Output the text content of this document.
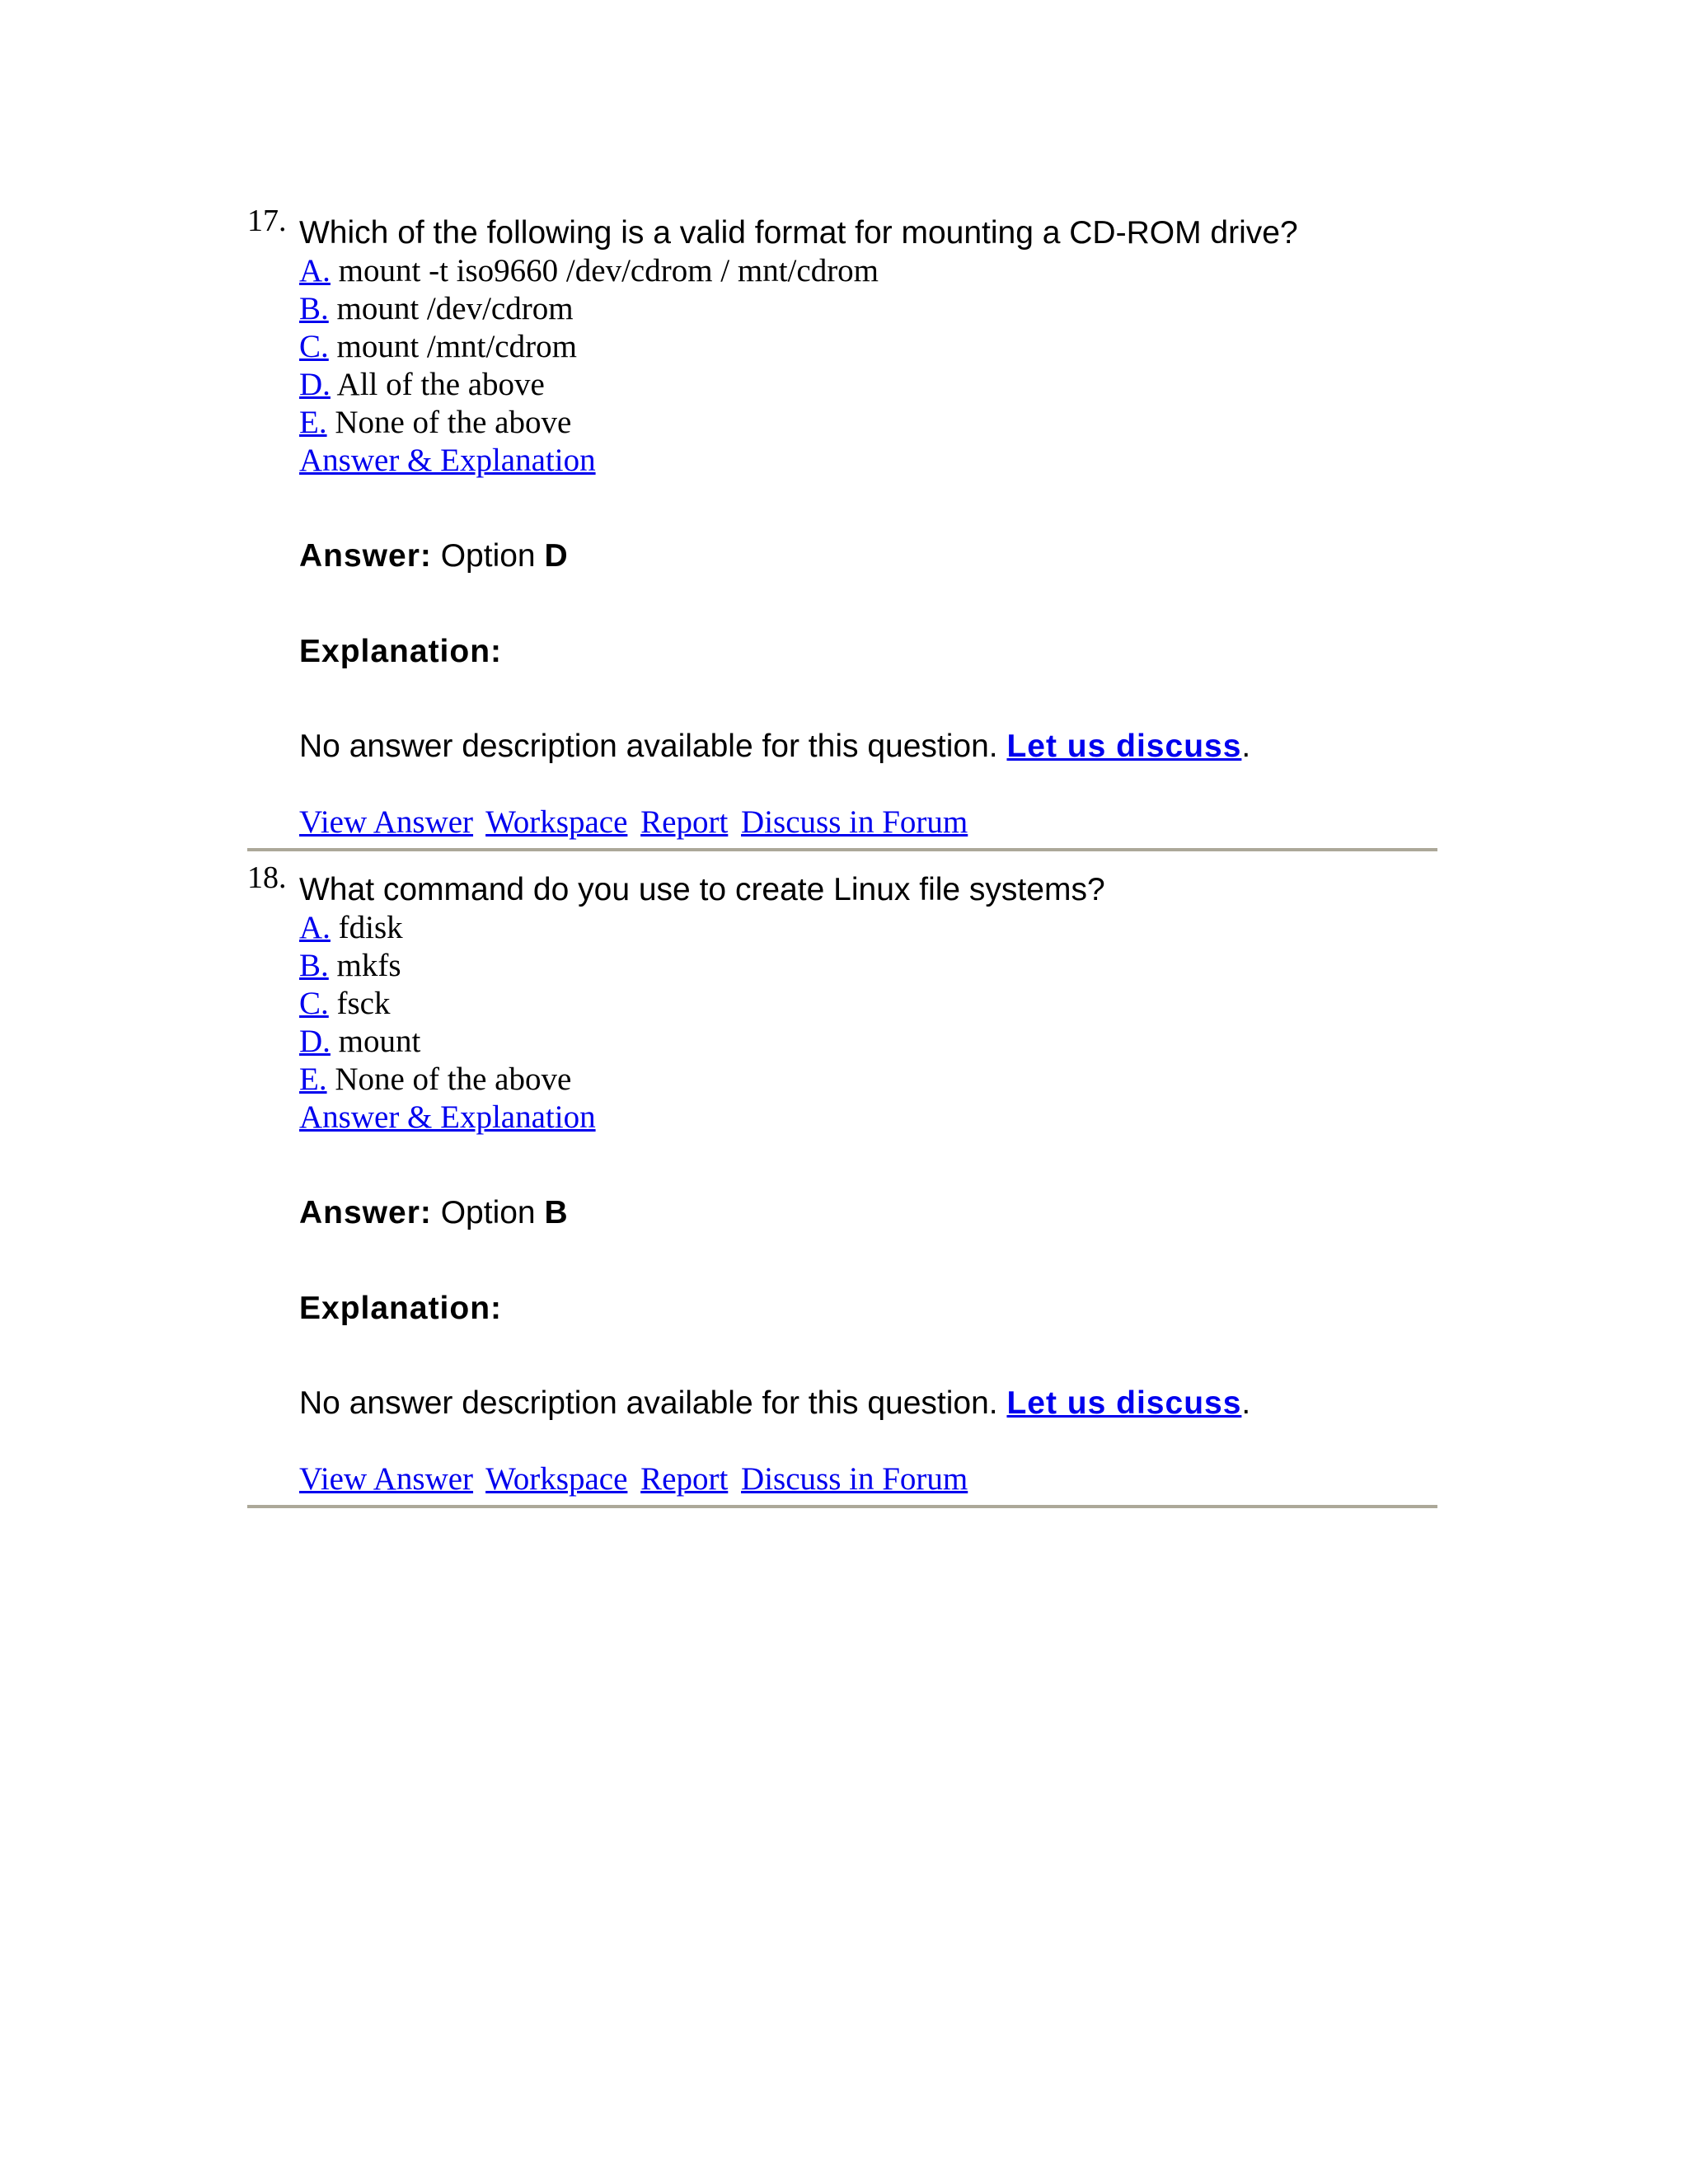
17. Which of the following is a valid format for mounting a CD-ROM drive?
A. mount -t iso9660 /dev/cdrom / mnt/cdrom
B. mount /dev/cdrom
C. mount /mnt/cdrom
D. All of the above
E. None of the above
Answer & Explanation
Answer: Option D
Explanation:
No answer description available for this question. Let us discuss.
View Answer Workspace Report Discuss in Forum
18. What command do you use to create Linux file systems?
A. fdisk
B. mkfs
C. fsck
D. mount
E. None of the above
Answer & Explanation
Answer: Option B
Explanation:
No answer description available for this question. Let us discuss.
View Answer Workspace Report Discuss in Forum
